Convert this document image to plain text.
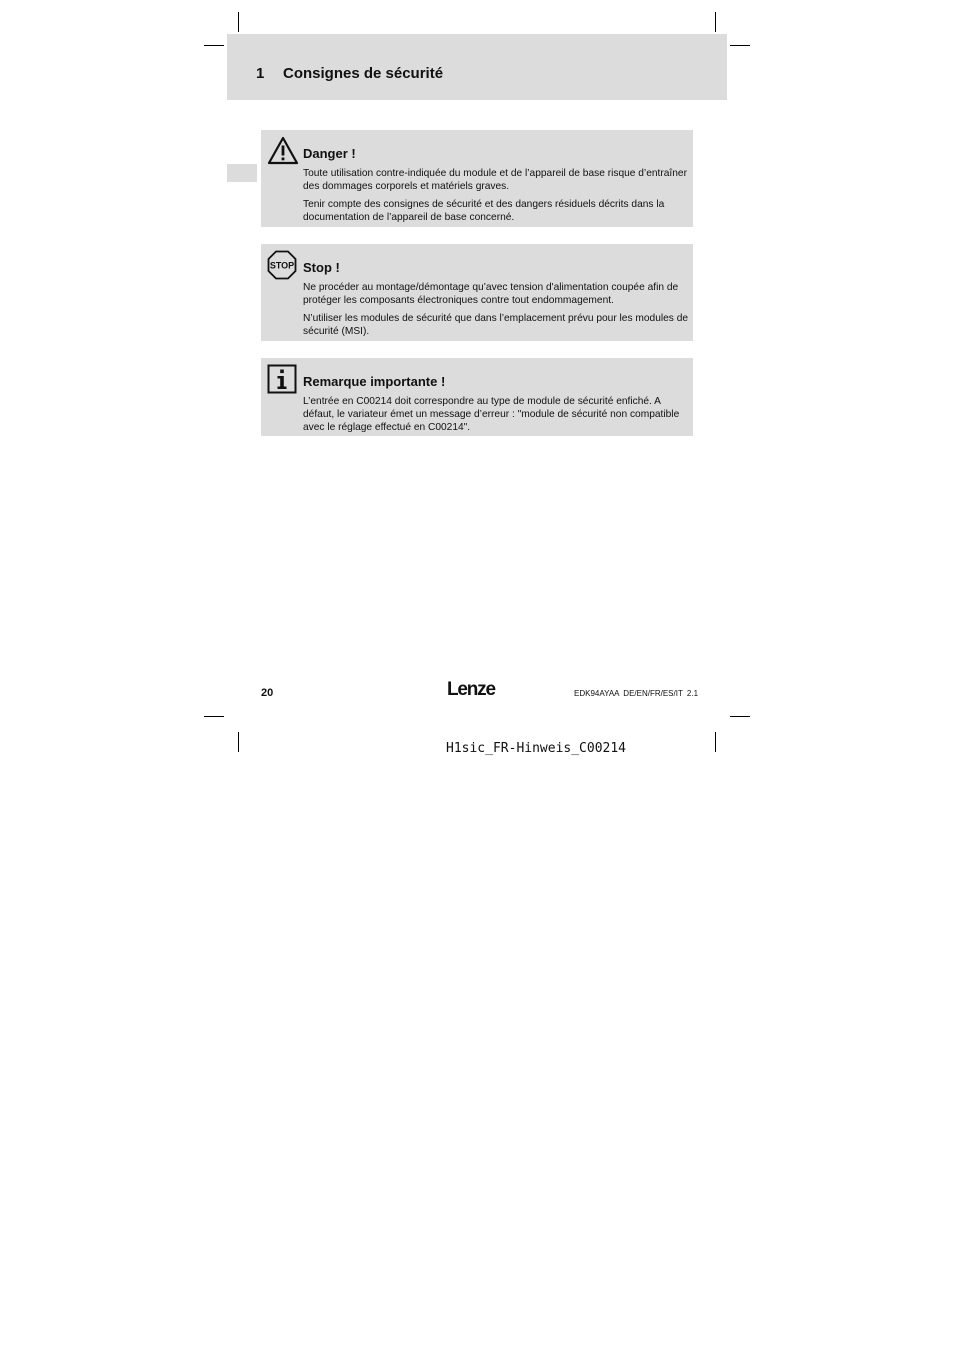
1 Consignes de sécurité
Danger !

Toute utilisation contre-indiquée du module et de l’appareil de base risque d’entraîner des dommages corporels et matériels graves.

Tenir compte des consignes de sécurité et des dangers résiduels décrits dans la documentation de l’appareil de base concerné.

STOP Stop !

Ne procéder au montage/démontage qu’avec tension d'alimentation coupée afin de protéger les composants électroniques contre tout endommagement.

N’utiliser les modules de sécurité que dans l’emplacement prévu pour les modules de sécurité (MSI).

Remarque importante !

L’entrée en C00214 doit correspondre au type de module de sécurité enfiché. A défaut, le variateur émet un message d’erreur : "module de sécurité non compatible avec le réglage effectué en C00214".

20	Lenze	EDK94AYAA DE/EN/FR/ES/IT 2.1
H1sic_FR-Hinweis_C00214
